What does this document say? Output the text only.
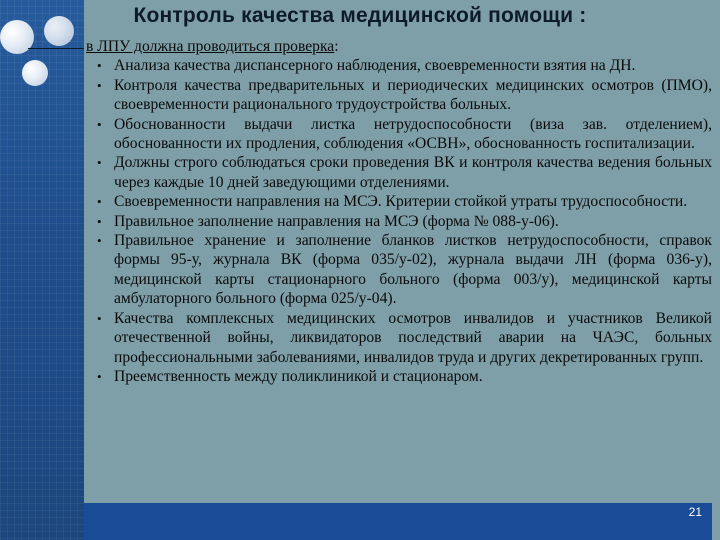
Контроль качества медицинской помощи :

в ЛПУ должна проводиться проверка:

• Анализа качества диспансерного наблюдения, своевременности взятия на ДН.
• Контроля качества предварительных и периодических медицинских осмотров (ПМО), своевременности рационального трудоустройства больных.
• Обоснованности выдачи листка нетрудоспособности (виза зав. отделением), обоснованности их продления, соблюдения «ОСВН», обоснованность госпитализации.
• Должны строго соблюдаться сроки проведения ВК и контроля качества ведения больных через каждые 10 дней заведующими отделениями.
• Своевременности направления на МСЭ. Критерии стойкой утраты трудоспособности.
• Правильное заполнение направления на МСЭ (форма № 088-у-06).
• Правильное хранение и заполнение бланков листков нетрудоспособности, справок формы 95-у, журнала ВК (форма 035/у-02), журнала выдачи ЛН (форма 036-у), медицинской карты стационарного больного (форма 003/у), медицинской карты амбулаторного больного (форма 025/у-04).
• Качества комплексных медицинских осмотров инвалидов и участников Великой отечественной войны, ликвидаторов последствий аварии на ЧАЭС, больных профессиональными заболеваниями, инвалидов труда и других декретированных групп.
• Преемственность между поликлиникой и стационаром.
21
